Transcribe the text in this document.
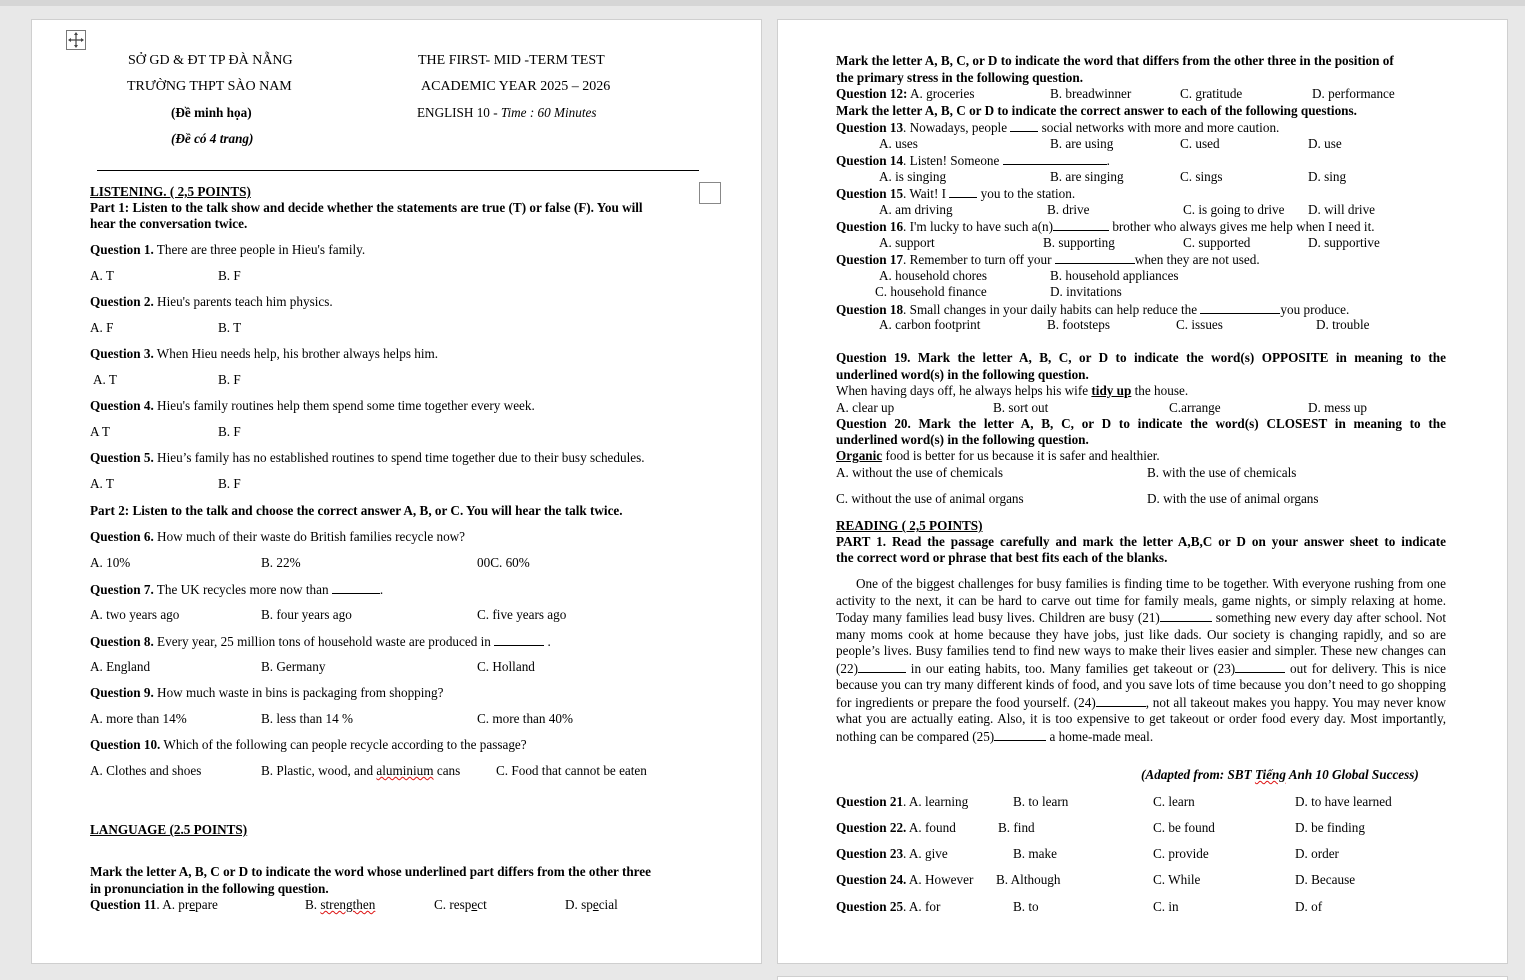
SỞ GD & ĐT TP ĐÀ NẴNG
TRƯỜNG THPT SÀO NAM
(Đề minh họa)
(Đề có 4 trang)
THE FIRST- MID -TERM TEST
ACADEMIC YEAR 2025 – 2026
ENGLISH 10 - Time : 60 Minutes
LISTENING. ( 2,5 POINTS)
Part 1: Listen to the talk show and decide whether the statements are true (T) or false (F). You will
hear the conversation twice.
Question 1. There are three people in Hieu's family.
A. T	B. F
Question 2. Hieu's parents teach him physics.
A. F	B. T
Question 3. When Hieu needs help, his brother always helps him.
A. T	B. F
Question 4. Hieu's family routines help them spend some time together every week.
A T	B. F
Question 5. Hieu’s family has no established routines to spend time together due to their busy schedules.
A. T	B. F
Part 2: Listen to the talk and choose the correct answer A, B, or C. You will hear the talk twice.
Question 6. How much of their waste do British families recycle now?
A. 10%	B. 22%	00C. 60%
Question 7. The UK recycles more now than	.
A. two years ago	B. four years ago	C. five years ago
Question 8. Every year, 25 million tons of household waste are produced in	.
A. England	B. Germany	C. Holland
Question 9. How much waste in bins is packaging from shopping?
A. more than 14%	B. less than 14 %	C. more than 40%
Question 10. Which of the following can people recycle according to the passage?
A. Clothes and shoes	B. Plastic, wood, and aluminium cans	C. Food that cannot be eaten
LANGUAGE (2.5 POINTS)
Mark the letter A, B, C or D to indicate the word whose underlined part differs from the other three
in pronunciation in the following question.
Question 11. A. prepare	B. strengthen	C. respect	D. special
Mark the letter A, B, C, or D to indicate the word that differs from the other three in the position of
the primary stress in the following question.
Question 12: A. groceries	B. breadwinner	C. gratitude	D. performance
Mark the letter A, B, C or D to indicate the correct answer to each of the following questions.
Question 13. Nowadays, people  social networks with more and more caution.
A. uses	B. are using	C. used	D. use
Question 14. Listen! Someone	.
A. is singing	B. are singing	C. sings	D. sing
Question 15. Wait! I  you to the station.
A. am driving	B. drive	C. is going to drive D. will drive
Question 16. I'm lucky to have such a(n)	brother who always gives me help when I need it.
A. support	B. supporting	C. supported	D. supportive
Question 17. Remember to turn off your	when they are not used.
A. household chores	B. household appliances
C. household finance	D. invitations
Question 18. Small changes in your daily habits can help reduce the	you produce.
A. carbon footprint	B. footsteps	C. issues	D. trouble
Question 19. Mark the letter A, B, C, or D to indicate the word(s) OPPOSITE in meaning to the
underlined word(s) in the following question.
When having days off, he always helps his wife tidy up the house.
A. clear up	B. sort out	C.arrange	D. mess up
Question 20. Mark the letter A, B, C, or D to indicate the word(s) CLOSEST in meaning to the
underlined word(s) in the following question.
Organic food is better for us because it is safer and healthier.
A. without the use of chemicals	B. with the use of chemicals
C. without the use of animal organs	D. with the use of animal organs
READING ( 2,5 POINTS)
PART 1. Read the passage carefully and mark the letter A,B,C or D on your answer sheet to indicate
the correct word or phrase that best fits each of the blanks.
One of the biggest challenges for busy families is finding time to be together. With everyone rushing from one activity to the next, it can be hard to carve out time for family meals, game nights, or simply relaxing at home. Today many families lead busy lives. Children are busy (21)	something new every day after school. Not many moms cook at home because they have jobs, just like dads. Our society is changing rapidly, and so are people’s lives. Busy families tend to find new ways to make their lives easier and simpler. These new changes can (22)	in our eating habits, too. Many families get takeout or (23)	out for delivery. This is nice because you can try many different kinds of food, and you save lots of time because you don’t need to go shopping for ingredients or prepare the food yourself. (24)	, not all takeout makes you happy. You may never know what you are actually eating. Also, it is too expensive to get takeout or order food every day. Most importantly, nothing can be compared (25)	a home-made meal.
(Adapted from: SBT Tiếng Anh 10 Global Success)
Question 21. A. learning	B. to learn	C. learn	D. to have learned
Question 22. A. found	B. find	C. be found	D. be finding
Question 23. A. give	B. make	C. provide	D. order
Question 24. A. However B. Although	C. While	D. Because
Question 25. A. for	B. to	C. in	D. of
